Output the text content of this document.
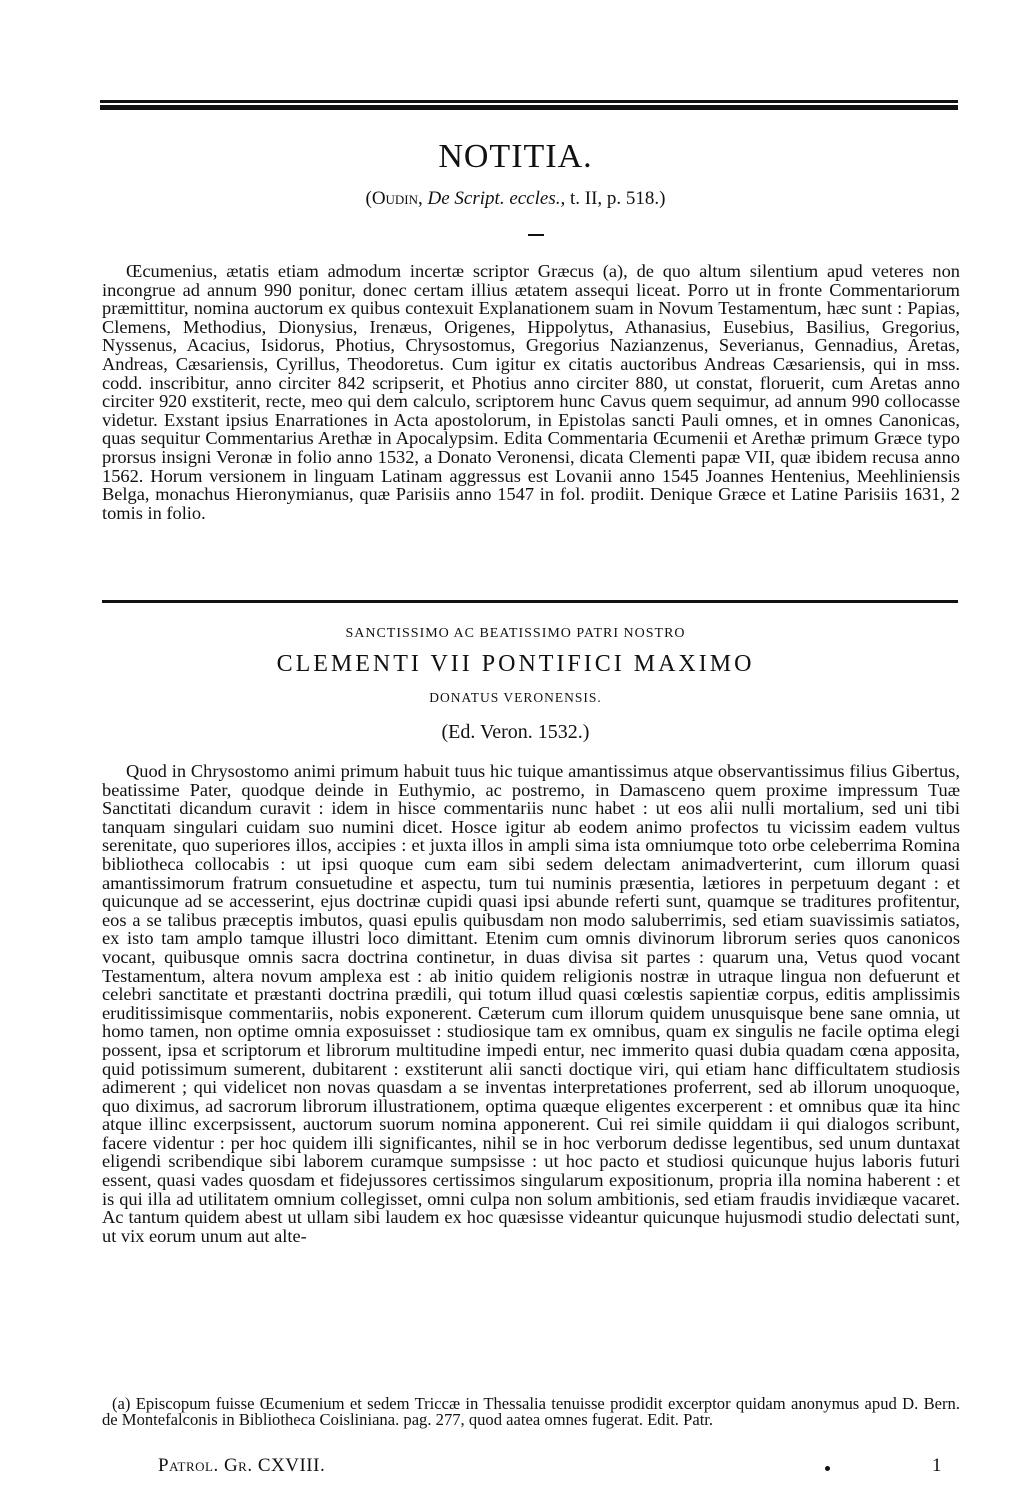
NOTITIA.
(Oudin, De Script. eccles., t. II, p. 518.)

Œcumenius, ætatis etiam admodum incertæ scriptor Græcus (a), de quo altum silentium apud veteres non incongrue ad annum 990 ponitur, donec certam illius ætatem assequi liceat. Porro ut in fronte Commentariorum præmittitur, nomina auctorum ex quibus contexuit Explanationem suam in Novum Testamentum, hæc sunt : Papias, Clemens, Methodius, Dionysius, Irenæus, Origenes, Hippolytus, Athanasius, Eusebius, Basilius, Gregorius, Nyssenus, Acacius, Isidorus, Photius, Chrysostomus, Gregorius Nazianzenus, Severianus, Gennadius, Aretas, Andreas, Cæsariensis, Cyrillus, Theodoretus. Cum igitur ex citatis auctoribus Andreas Cæsariensis, qui in mss. codd. inscribitur, anno circiter 842 scripserit, et Photius anno circiter 880, ut constat, floruerit, cum Aretas anno circiter 920 exstiterit, recte, meo qui dem calculo, scriptorem hunc Cavus quem sequimur, ad annum 990 collocasse videtur. Exstant ipsius Enarrationes in Acta apostolorum, in Epistolas sancti Pauli omnes, et in omnes Canonicas, quas sequitur Commentarius Arethæ in Apocalypsim. Edita Commentaria Œcumenii et Arethæ primum Græce typo prorsus insigni Veronæ in folio anno 1532, a Donato Veronensi, dicata Clementi papæ VII, quæ ibidem recusa anno 1562. Horum versionem in linguam Latinam aggressus est Lovanii anno 1545 Joannes Hentenius, Meehliniensis Belga, monachus Hieronymianus, quæ Parisiis anno 1547 in fol. prodiit. Denique Græce et Latine Parisiis 1631, 2 tomis in folio.

SANCTISSIMO AC BEATISSIMO PATRI NOSTRO
CLEMENTI VII PONTIFICI MAXIMO
DONATUS VERONENSIS.
(Ed. Veron. 1532.)

Quod in Chrysostomo animi primum habuit tuus hic tuique amantissimus atque observantissimus filius Gibertus, beatissime Pater, quodque deinde in Euthymio, ac postremo, in Damasceno quem proxime impressum Tuæ Sanctitati dicandum curavit : idem in hisce commentariis nunc habet : ut eos alii nulli mortalium, sed uni tibi tanquam singulari cuidam suo numini dicet. Hosce igitur ab eodem animo profectos tu vicissim eadem vultus serenitate, quo superiores illos, accipies : et juxta illos in ampli sima ista omniumque toto orbe celeberrima Romina bibliotheca collocabis : ut ipsi quoque cum eam sibi sedem delectam animadverterint, cum illorum quasi amantissimorum fratrum consuetudine et aspectu, tum tui numinis præsentia, lætiores in perpetuum degant : et quicunque ad se accesserint, ejus doctrinæ cupidi quasi ipsi abunde referti sunt, quamque se traditures profitentur, eos a se talibus præceptis imbutos, quasi epulis quibusdam non modo saluberrimis, sed etiam suavissimis satiatos, ex isto tam amplo tamque illustri loco dimittant. Etenim cum omnis divinorum librorum series quos canonicos vocant, quibusque omnis sacra doctrina continetur, in duas divisa sit partes : quarum una, Vetus quod vocant Testamentum, altera novum amplexa est : ab initio quidem religionis nostræ in utraque lingua non defuerunt et celebri sanctitate et præstanti doctrina prædili, qui totum illud quasi cœlestis sapientiæ corpus, editis amplissimis eruditissimisque commentariis, nobis exponerent. Cæterum cum illorum quidem unusquisque bene sane omnia, ut homo tamen, non optime omnia exposuisset : studiosique tam ex omnibus, quam ex singulis ne facile optima elegi possent, ipsa et scriptorum et librorum multitudine impedi entur, nec immerito quasi dubia quadam cœna apposita, quid potissimum sumerent, dubitarent : exstiterunt alii sancti doctique viri, qui etiam hanc difficultatem studiosis adimerent ; qui videlicet non novas quasdam a se inventas interpretationes proferrent, sed ab illorum unoquoque, quo diximus, ad sacrorum librorum illustrationem, optima quæque eligentes excerperent : et omnibus quæ ita hinc atque illinc excerpsissent, auctorum suorum nomina apponerent. Cui rei simile quiddam ii qui dialogos scribunt, facere videntur : per hoc quidem illi significantes, nihil se in hoc verborum dedisse legentibus, sed unum duntaxat eligendi scribendique sibi laborem curamque sumpsisse : ut hoc pacto et studiosi quicunque hujus laboris futuri essent, quasi vades quosdam et fidejussores certissimos singularum expositionum, propria illa nomina haberent : et is qui illa ad utilitatem omnium collegisset, omni culpa non solum ambitionis, sed etiam fraudis invidiæque vacaret. Ac tantum quidem abest ut ullam sibi laudem ex hoc quæsisse videantur quicunque hujusmodi studio delectati sunt, ut vix eorum unum aut alte-

(a) Episcopum fuisse Œcumenium et sedem Triccæ in Thessalia tenuisse prodidit excerptor quidam anonymus apud D. Bern. de Montefalconis in Bibliotheca Coisliniana. pag. 277, quod aatea omnes fugerat. Edit. Patr.

Patrol. Gr. CXVIII.	1
